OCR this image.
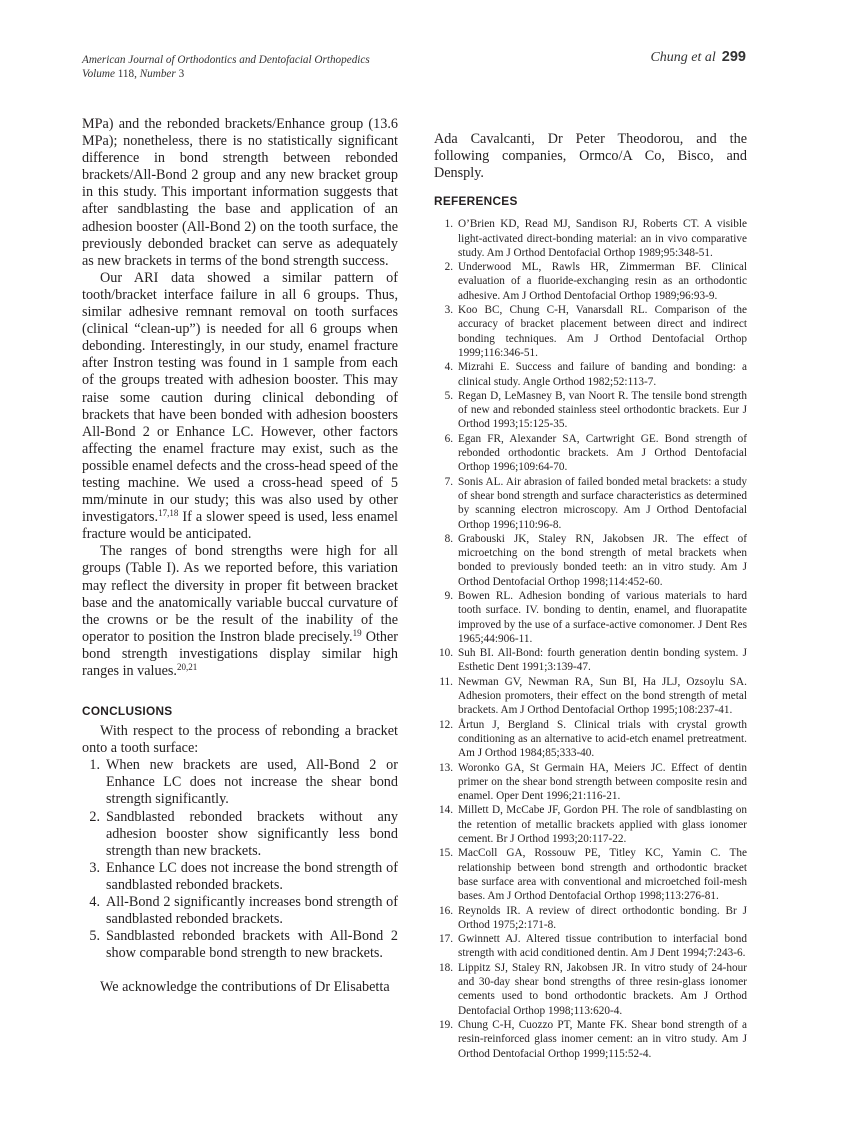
American Journal of Orthodontics and Dentofacial Orthopedics
Volume 118, Number 3
Chung et al 299

MPa) and the rebonded brackets/Enhance group (13.6 MPa); nonetheless, there is no statistically significant difference in bond strength between rebonded brackets/All-Bond 2 group and any new bracket group in this study. This important information suggests that after sandblasting the base and application of an adhesion booster (All-Bond 2) on the tooth surface, the previously debonded bracket can serve as adequately as new brackets in terms of the bond strength success.

Our ARI data showed a similar pattern of tooth/bracket interface failure in all 6 groups. Thus, similar adhesive remnant removal on tooth surfaces (clinical “clean-up”) is needed for all 6 groups when debonding. Interestingly, in our study, enamel fracture after Instron testing was found in 1 sample from each of the groups treated with adhesion booster. This may raise some caution during clinical debonding of brackets that have been bonded with adhesion boosters All-Bond 2 or Enhance LC. However, other factors affecting the enamel fracture may exist, such as the possible enamel defects and the cross-head speed of the testing machine. We used a cross-head speed of 5 mm/minute in our study; this was also used by other investigators.$^{17,18}$ If a slower speed is used, less enamel fracture would be anticipated.

The ranges of bond strengths were high for all groups (Table I). As we reported before, this variation may reflect the diversity in proper fit between bracket base and the anatomically variable buccal curvature of the crowns or be the result of the inability of the operator to position the Instron blade precisely.$^{19}$ Other bond strength investigations display similar high ranges in values.$^{20,21}$

CONCLUSIONS

With respect to the process of rebonding a bracket onto a tooth surface:

1. When new brackets are used, All-Bond 2 or Enhance LC does not increase the shear bond strength significantly.
2. Sandblasted rebonded brackets without any adhesion booster show significantly less bond strength than new brackets.
3. Enhance LC does not increase the bond strength of sandblasted rebonded brackets.
4. All-Bond 2 significantly increases bond strength of sandblasted rebonded brackets.
5. Sandblasted rebonded brackets with All-Bond 2 show comparable bond strength to new brackets.

We acknowledge the contributions of Dr Elisabetta

Ada Cavalcanti, Dr Peter Theodorou, and the following companies, Ormco/A Co, Bisco, and Densply.

REFERENCES
1. O’Brien KD, Read MJ, Sandison RJ, Roberts CT. A visible light-activated direct-bonding material: an in vivo comparative study. Am J Orthod Dentofacial Orthop 1989;95:348-51.
2. Underwood ML, Rawls HR, Zimmerman BF. Clinical evaluation of a fluoride-exchanging resin as an orthodontic adhesive. Am J Orthod Dentofacial Orthop 1989;96:93-9.
3. Koo BC, Chung C-H, Vanarsdall RL. Comparison of the accuracy of bracket placement between direct and indirect bonding techniques. Am J Orthod Dentofacial Orthop 1999;116:346-51.
4. Mizrahi E. Success and failure of banding and bonding: a clinical study. Angle Orthod 1982;52:113-7.
5. Regan D, LeMasney B, van Noort R. The tensile bond strength of new and rebonded stainless steel orthodontic brackets. Eur J Orthod 1993;15:125-35.
6. Egan FR, Alexander SA, Cartwright GE. Bond strength of rebonded orthodontic brackets. Am J Orthod Dentofacial Orthop 1996;109:64-70.
7. Sonis AL. Air abrasion of failed bonded metal brackets: a study of shear bond strength and surface characteristics as determined by scanning electron microscopy. Am J Orthod Dentofacial Orthop 1996;110:96-8.
8. Grabouski JK, Staley RN, Jakobsen JR. The effect of microetching on the bond strength of metal brackets when bonded to previously bonded teeth: an in vitro study. Am J Orthod Dentofacial Orthop 1998;114:452-60.
9. Bowen RL. Adhesion bonding of various materials to hard tooth surface. IV. bonding to dentin, enamel, and fluorapatite improved by the use of a surface-active comonomer. J Dent Res 1965;44:906-11.
10. Suh BI. All-Bond: fourth generation dentin bonding system. J Esthetic Dent 1991;3:139-47.
11. Newman GV, Newman RA, Sun BI, Ha JLJ, Ozsoylu SA. Adhesion promoters, their effect on the bond strength of metal brackets. Am J Orthod Dentofacial Orthop 1995;108:237-41.
12. Årtun J, Bergland S. Clinical trials with crystal growth conditioning as an alternative to acid-etch enamel pretreatment. Am J Orthod 1984;85;333-40.
13. Woronko GA, St Germain HA, Meiers JC. Effect of dentin primer on the shear bond strength between composite resin and enamel. Oper Dent 1996;21:116-21.
14. Millett D, McCabe JF, Gordon PH. The role of sandblasting on the retention of metallic brackets applied with glass ionomer cement. Br J Orthod 1993;20:117-22.
15. MacColl GA, Rossouw PE, Titley KC, Yamin C. The relationship between bond strength and orthodontic bracket base surface area with conventional and microetched foil-mesh bases. Am J Orthod Dentofacial Orthop 1998;113:276-81.
16. Reynolds IR. A review of direct orthodontic bonding. Br J Orthod 1975;2:171-8.
17. Gwinnett AJ. Altered tissue contribution to interfacial bond strength with acid conditioned dentin. Am J Dent 1994;7:243-6.
18. Lippitz SJ, Staley RN, Jakobsen JR. In vitro study of 24-hour and 30-day shear bond strengths of three resin-glass ionomer cements used to bond orthodontic brackets. Am J Orthod Dentofacial Orthop 1998;113:620-4.
19. Chung C-H, Cuozzo PT, Mante FK. Shear bond strength of a resin-reinforced glass inomer cement: an in vitro study. Am J Orthod Dentofacial Orthop 1999;115:52-4.
